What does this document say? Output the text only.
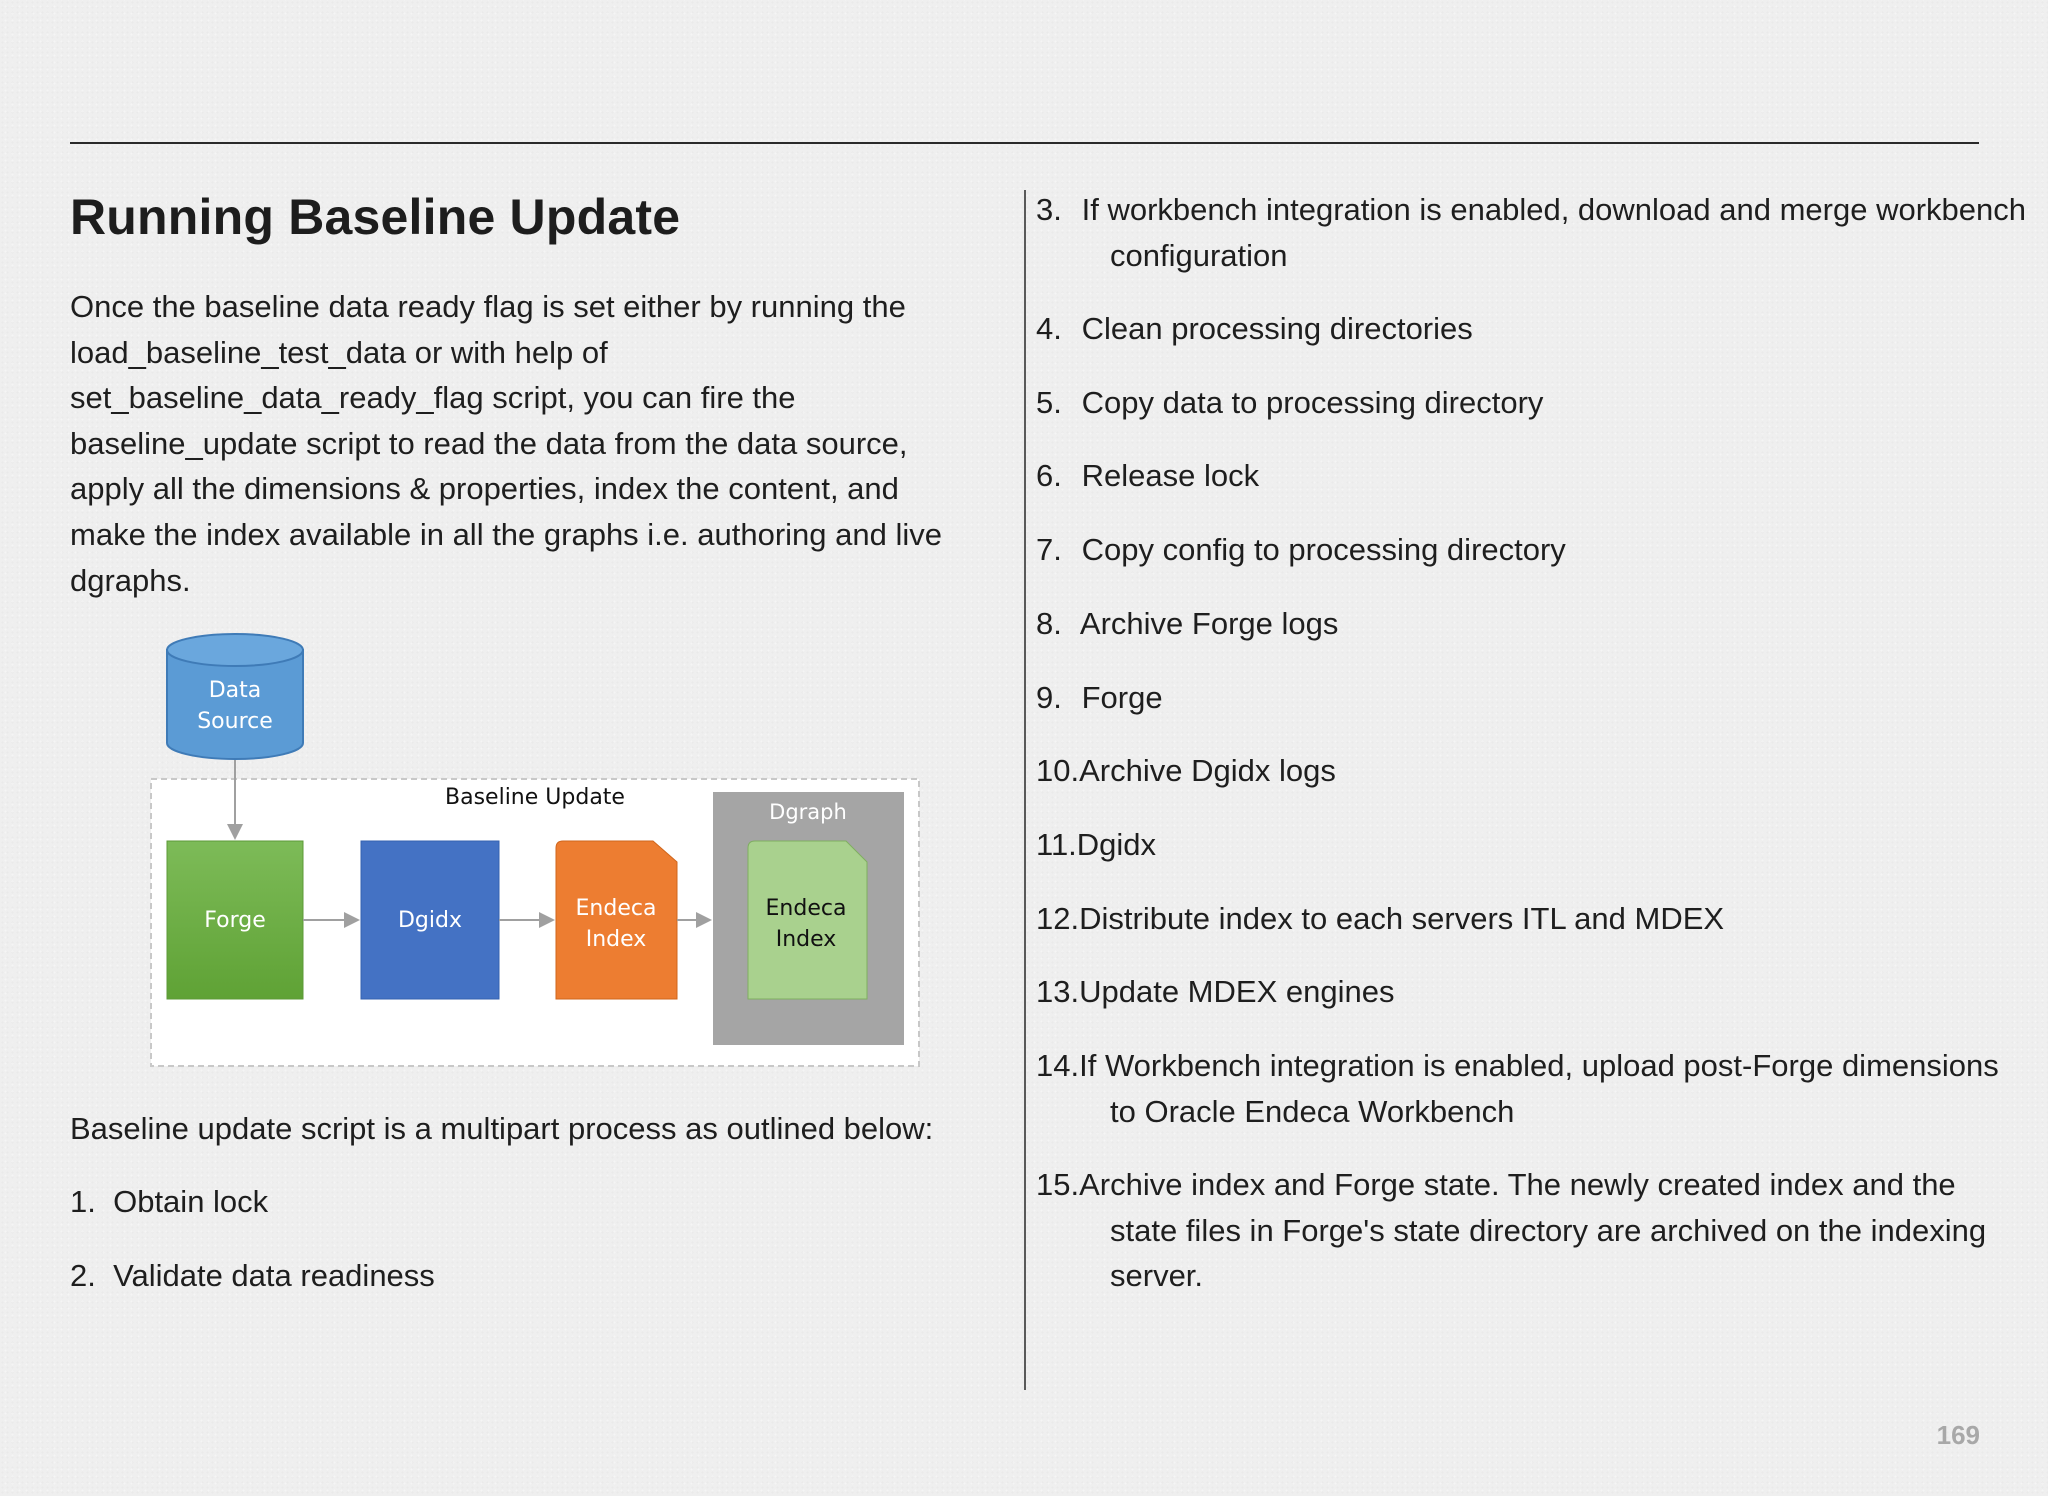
Running Baseline Update

Once the baseline data ready flag is set either by running the load_baseline_test_data or with help of set_baseline_data_ready_flag script, you can fire the baseline_update script to read the data from the data source, apply all the dimensions & properties, index the content, and make the index available in all the graphs i.e. authoring and live dgraphs.

Baseline Update
Dgraph
Data
Source
Forge	Dgidx	Endeca
Index
Endeca
Index

Baseline update script is a multipart process as outlined below:

1.  Obtain lock
2.  Validate data readiness
3.  If workbench integration is enabled, download and merge workbench configuration
4.  Clean processing directories
5.  Copy data to processing directory
6.  Release lock
7.  Copy config to processing directory
8.  Archive Forge logs
9.  Forge
10.Archive Dgidx logs
11.Dgidx
12.Distribute index to each servers ITL and MDEX
13.Update MDEX engines
14.If Workbench integration is enabled, upload post-Forge dimensions to Oracle Endeca Workbench
15.Archive index and Forge state. The newly created index and the state files in Forge's state directory are archived on the indexing server.
169
